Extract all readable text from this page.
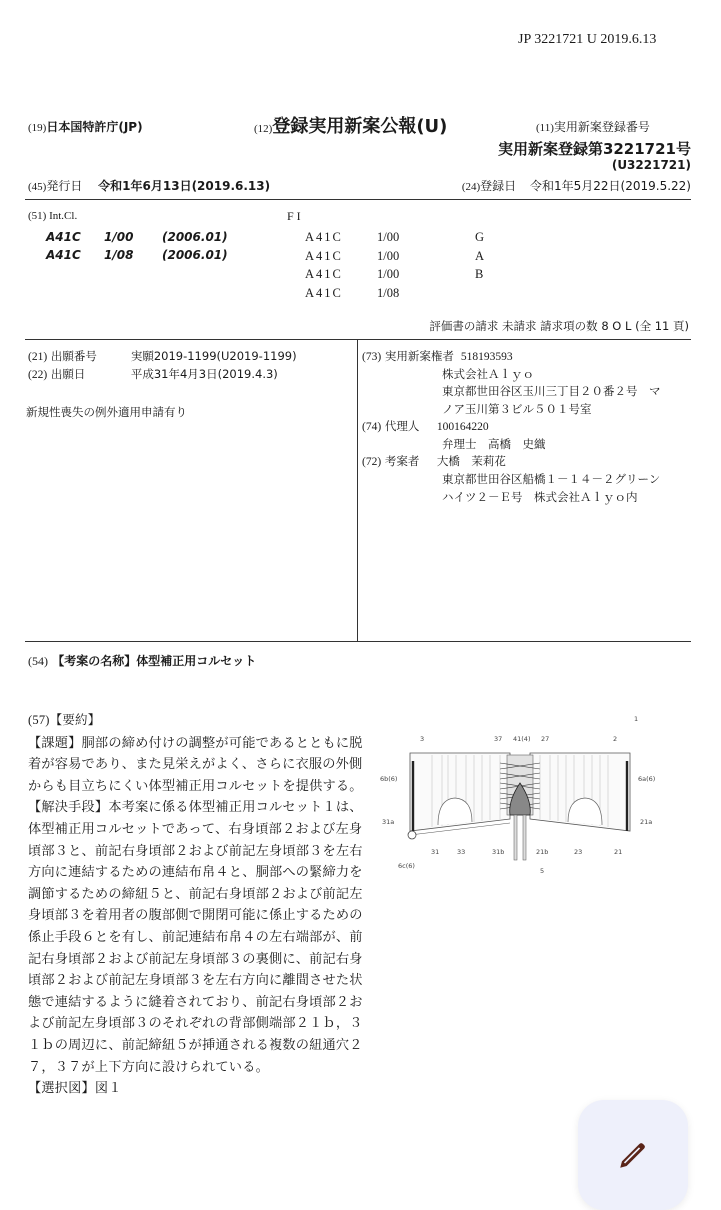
JP 3221721 U 2019.6.13
(19)日本国特許庁(JP)	(12)登録実用新案公報(U)	(11)実用新案登録番号
実用新案登録第3221721号
(U3221721)
(45)発行日 令和1年6月13日(2019.6.13)	(24)登録日 令和1年5月22日(2019.5.22)
(51) Int.Cl.
A41C 1/00 (2006.01)
A41C 1/08 (2006.01)
F I
A41C	1/00	G
A41C	1/00	A
A41C	1/00	B
A41C	1/08
評価書の請求 未請求 請求項の数 8 O L (全 11 頁)
(21) 出願番号	実願2019-1199(U2019-1199)
(22) 出願日	平成31年4月3日(2019.4.3)
新規性喪失の例外適用申請有り
(73) 実用新案権者 518193593
株式会社Ａｌｙｏ
東京都世田谷区玉川三丁目２０番２号　マ
ノア玉川第３ビル５０１号室
(74) 代理人 100164220
弁理士　高橋　史織
(72) 考案者 大橋　茉莉花
東京都世田谷区船橋１－１４－２グリーン
ハイツ２－Ｅ号　株式会社Ａｌｙｏ内
(54) 【考案の名称】体型補正用コルセット
(57)【要約】
【課題】胴部の締め付けの調整が可能であるとともに脱
着が容易であり、また見栄えがよく、さらに衣服の外側
からも目立ちにくい体型補正用コルセットを提供する。
【解決手段】本考案に係る体型補正用コルセット１は、
体型補正用コルセットであって、右身頃部２および左身
頃部３と、前記右身頃部２および前記左身頃部３を左右
方向に連結するための連結布帛４と、胴部への緊締力を
調節するための締紐５と、前記右身頃部２および前記左
身頃部３を着用者の腹部側で開閉可能に係止するための
係止手段６とを有し、前記連結布帛４の左右端部が、前
記右身頃部２および前記左身頃部３の裏側に、前記右身
頃部２および前記左身頃部３を左右方向に離間させた状
態で連結するように縫着されており、前記右身頃部２お
よび前記左身頃部３のそれぞれの背部側端部２１ｂ，３
１ｂの周辺に、前記締紐５が挿通される複数の紐通穴２
７，３７が上下方向に設けられている。
【選択図】図１
1
3	2
37 41(4) 27
6b(6)	6a(6)
31a	21a
31	33	31b	21b	23	21
6c(6)
5
